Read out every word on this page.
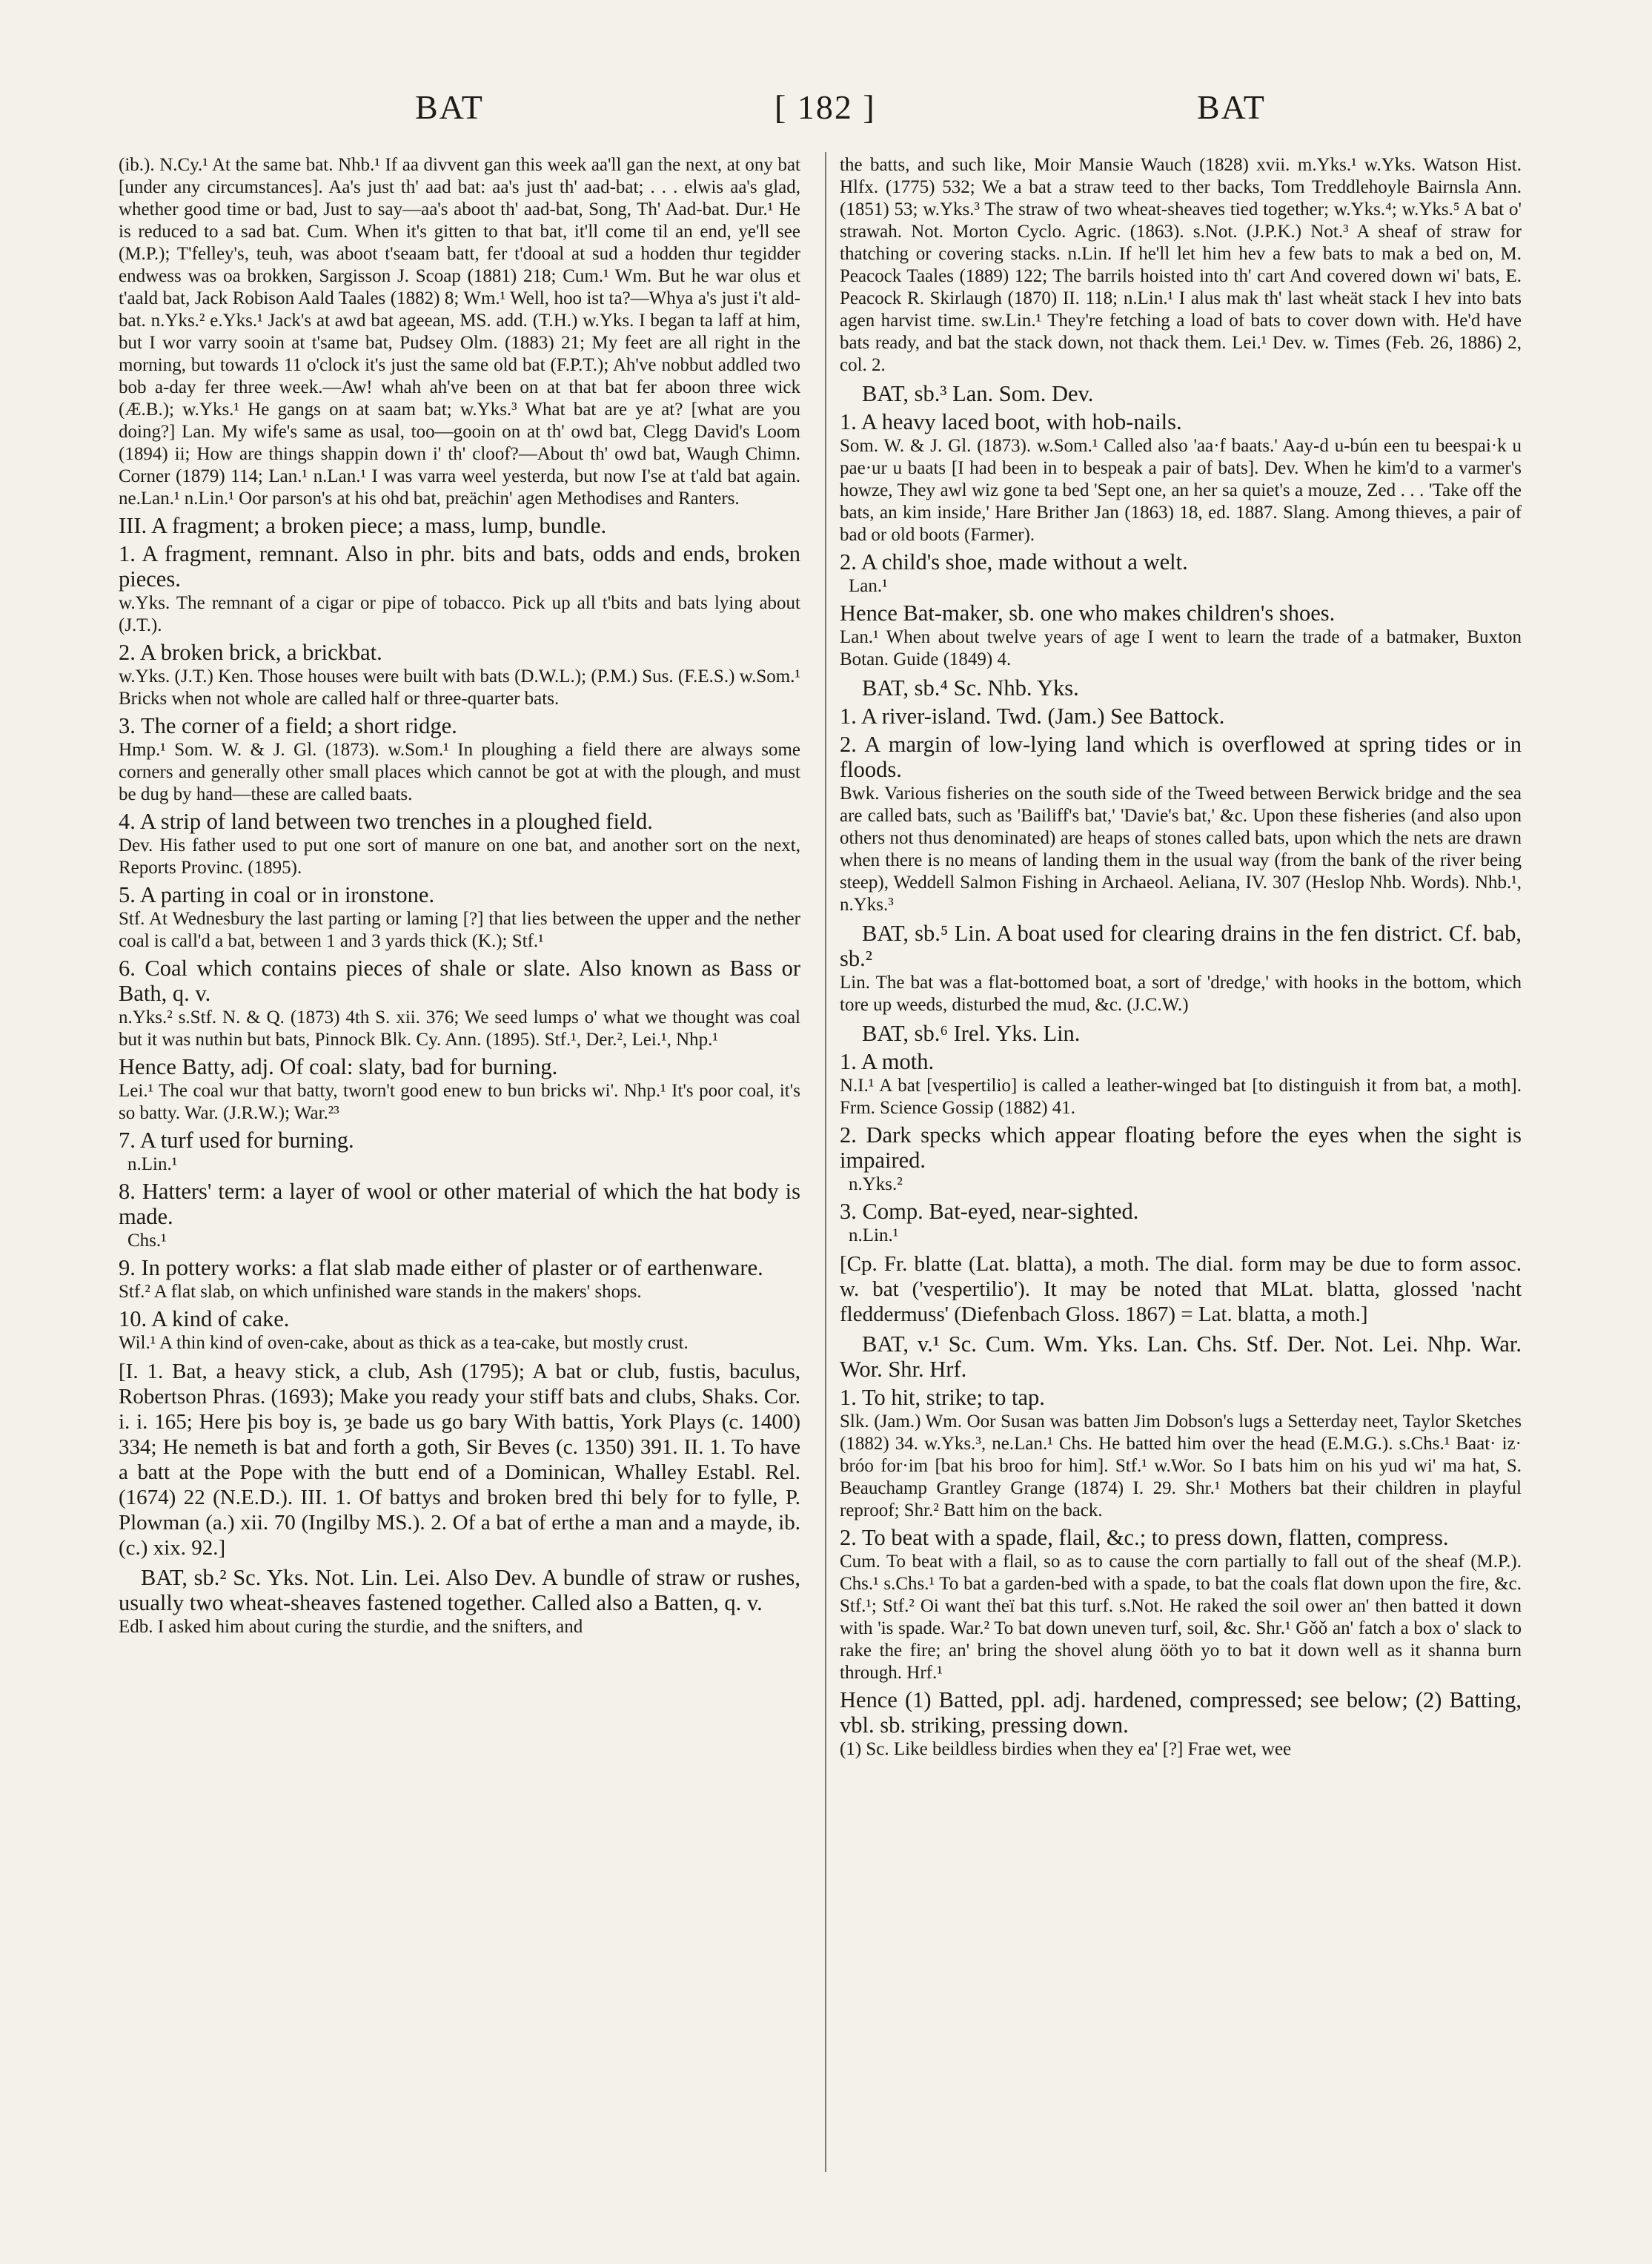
BAT	[ 182 ]	BAT

(ib.). N.Cy.¹ At the same bat. Nhb.¹ If aa divvent gan this week aa'll gan the next, at ony bat [under any circumstances]. Aa's just th' aad bat: aa's just th' aad-bat; . . . elwis aa's glad, whether good time or bad, Just to say—aa's aboot th' aad-bat, Song, Th' Aad-bat. Dur.¹ He is reduced to a sad bat. Cum. When it's gitten to that bat, it'll come til an end, ye'll see (M.P.); T'felley's, teuh, was aboot t'seaam batt, fer t'dooal at sud a hodden thur tegidder endwess was oa brokken, Sargisson J. Scoap (1881) 218; Cum.¹ Wm. But he war olus et t'aald bat, Jack Robison Aald Taales (1882) 8; Wm.¹ Well, hoo ist ta?—Whya a's just i't ald-bat. n.Yks.² e.Yks.¹ Jack's at awd bat ageean, MS. add. (T.H.) w.Yks. I began ta laff at him, but I wor varry sooin at t'same bat, Pudsey Olm. (1883) 21; My feet are all right in the morning, but towards 11 o'clock it's just the same old bat (F.P.T.); Ah've nobbut addled two bob a-day fer three week.—Aw! whah ah've been on at that bat fer aboon three wick (Æ.B.); w.Yks.¹ He gangs on at saam bat; w.Yks.³ What bat are ye at? [what are you doing?] Lan. My wife's same as usal, too—gooin on at th' owd bat, Clegg David's Loom (1894) ii; How are things shappin down i' th' cloof?—About th' owd bat, Waugh Chimn. Corner (1879) 114; Lan.¹ n.Lan.¹ I was varra weel yesterda, but now I'se at t'ald bat again. ne.Lan.¹ n.Lin.¹ Oor parson's at his ohd bat, preächin' agen Methodises and Ranters.

III. A fragment; a broken piece; a mass, lump, bundle.

1. A fragment, remnant. Also in phr. bits and bats, odds and ends, broken pieces.

w.Yks. The remnant of a cigar or pipe of tobacco. Pick up all t'bits and bats lying about (J.T.).

2. A broken brick, a brickbat.

w.Yks. (J.T.) Ken. Those houses were built with bats (D.W.L.); (P.M.) Sus. (F.E.S.) w.Som.¹ Bricks when not whole are called half or three-quarter bats.

3. The corner of a field; a short ridge.

Hmp.¹ Som. W. & J. Gl. (1873). w.Som.¹ In ploughing a field there are always some corners and generally other small places which cannot be got at with the plough, and must be dug by hand—these are called baats.

4. A strip of land between two trenches in a ploughed field.

Dev. His father used to put one sort of manure on one bat, and another sort on the next, Reports Provinc. (1895).

5. A parting in coal or in ironstone.

Stf. At Wednesbury the last parting or laming [?] that lies between the upper and the nether coal is call'd a bat, between 1 and 3 yards thick (K.); Stf.¹

6. Coal which contains pieces of shale or slate. Also known as Bass or Bath, q. v.

n.Yks.² s.Stf. N. & Q. (1873) 4th S. xii. 376; We seed lumps o' what we thought was coal but it was nuthin but bats, Pinnock Blk. Cy. Ann. (1895). Stf.¹, Der.², Lei.¹, Nhp.¹

Hence Batty, adj. Of coal: slaty, bad for burning.

Lei.¹ The coal wur that batty, tworn't good enew to bun bricks wi'. Nhp.¹ It's poor coal, it's so batty. War. (J.R.W.); War.²³

7. A turf used for burning.

n.Lin.¹

8. Hatters' term: a layer of wool or other material of which the hat body is made.

Chs.¹

9. In pottery works: a flat slab made either of plaster or of earthenware.

Stf.² A flat slab, on which unfinished ware stands in the makers' shops.

10. A kind of cake.

Wil.¹ A thin kind of oven-cake, about as thick as a tea-cake, but mostly crust.

[I. 1. Bat, a heavy stick, a club, Ash (1795); A bat or club, fustis, baculus, Robertson Phras. (1693); Make you ready your stiff bats and clubs, Shaks. Cor. i. i. 165; Here þis boy is, ȝe bade us go bary With battis, York Plays (c. 1400) 334; He nemeth is bat and forth a goth, Sir Beves (c. 1350) 391. II. 1. To have a batt at the Pope with the butt end of a Dominican, Whalley Establ. Rel. (1674) 22 (N.E.D.). III. 1. Of battys and broken bred thi bely for to fylle, P. Plowman (a.) xii. 70 (Ingilby MS.). 2. Of a bat of erthe a man and a mayde, ib. (c.) xix. 92.]

BAT, sb.² Sc. Yks. Not. Lin. Lei. Also Dev. A bundle of straw or rushes, usually two wheat-sheaves fastened together. Called also a Batten, q. v.

Edb. I asked him about curing the sturdie, and the snifters, and

the batts, and such like, Moir Mansie Wauch (1828) xvii. m.Yks.¹ w.Yks. Watson Hist. Hlfx. (1775) 532; We a bat a straw teed to ther backs, Tom Treddlehoyle Bairnsla Ann. (1851) 53; w.Yks.³ The straw of two wheat-sheaves tied together; w.Yks.⁴; w.Yks.⁵ A bat o' strawah. Not. Morton Cyclo. Agric. (1863). s.Not. (J.P.K.) Not.³ A sheaf of straw for thatching or covering stacks. n.Lin. If he'll let him hev a few bats to mak a bed on, M. Peacock Taales (1889) 122; The barrils hoisted into th' cart And covered down wi' bats, E. Peacock R. Skirlaugh (1870) II. 118; n.Lin.¹ I alus mak th' last wheät stack I hev into bats agen harvist time. sw.Lin.¹ They're fetching a load of bats to cover down with. He'd have bats ready, and bat the stack down, not thack them. Lei.¹ Dev. w. Times (Feb. 26, 1886) 2, col. 2.

BAT, sb.³ Lan. Som. Dev.

1. A heavy laced boot, with hob-nails.

Som. W. & J. Gl. (1873). w.Som.¹ Called also 'aa·f baats.' Aay-d u-bún een tu beespai·k u pae·ur u baats [I had been in to bespeak a pair of bats]. Dev. When he kim'd to a varmer's howze, They awl wiz gone ta bed 'Sept one, an her sa quiet's a mouze, Zed . . . 'Take off the bats, an kim inside,' Hare Brither Jan (1863) 18, ed. 1887. Slang. Among thieves, a pair of bad or old boots (Farmer).

2. A child's shoe, made without a welt.

Lan.¹

Hence Bat-maker, sb. one who makes children's shoes.

Lan.¹ When about twelve years of age I went to learn the trade of a batmaker, Buxton Botan. Guide (1849) 4.

BAT, sb.⁴ Sc. Nhb. Yks.

1. A river-island. Twd. (Jam.) See Battock.

2. A margin of low-lying land which is overflowed at spring tides or in floods.

Bwk. Various fisheries on the south side of the Tweed between Berwick bridge and the sea are called bats, such as 'Bailiff's bat,' 'Davie's bat,' &c. Upon these fisheries (and also upon others not thus denominated) are heaps of stones called bats, upon which the nets are drawn when there is no means of landing them in the usual way (from the bank of the river being steep), Weddell Salmon Fishing in Archaeol. Aeliana, IV. 307 (Heslop Nhb. Words). Nhb.¹, n.Yks.³

BAT, sb.⁵ Lin. A boat used for clearing drains in the fen district. Cf. bab, sb.²

Lin. The bat was a flat-bottomed boat, a sort of 'dredge,' with hooks in the bottom, which tore up weeds, disturbed the mud, &c. (J.C.W.)

BAT, sb.⁶ Irel. Yks. Lin.

1. A moth.

N.I.¹ A bat [vespertilio] is called a leather-winged bat [to distinguish it from bat, a moth]. Frm. Science Gossip (1882) 41.

2. Dark specks which appear floating before the eyes when the sight is impaired.

n.Yks.²

3. Comp. Bat-eyed, near-sighted.

n.Lin.¹

[Cp. Fr. blatte (Lat. blatta), a moth. The dial. form may be due to form assoc. w. bat ('vespertilio'). It may be noted that MLat. blatta, glossed 'nacht fleddermuss' (Diefenbach Gloss. 1867) = Lat. blatta, a moth.]

BAT, v.¹ Sc. Cum. Wm. Yks. Lan. Chs. Stf. Der. Not. Lei. Nhp. War. Wor. Shr. Hrf.

1. To hit, strike; to tap.

Slk. (Jam.) Wm. Oor Susan was batten Jim Dobson's lugs a Setterday neet, Taylor Sketches (1882) 34. w.Yks.³, ne.Lan.¹ Chs. He batted him over the head (E.M.G.). s.Chs.¹ Baat· iz· bróo for·im [bat his broo for him]. Stf.¹ w.Wor. So I bats him on his yud wi' ma hat, S. Beauchamp Grantley Grange (1874) I. 29. Shr.¹ Mothers bat their children in playful reproof; Shr.² Batt him on the back.

2. To beat with a spade, flail, &c.; to press down, flatten, compress.

Cum. To beat with a flail, so as to cause the corn partially to fall out of the sheaf (M.P.). Chs.¹ s.Chs.¹ To bat a garden-bed with a spade, to bat the coals flat down upon the fire, &c. Stf.¹; Stf.² Oi want theï bat this turf. s.Not. He raked the soil ower an' then batted it down with 'is spade. War.² To bat down uneven turf, soil, &c. Shr.¹ Gǒǒ an' fatch a box o' slack to rake the fire; an' bring the shovel alung ööth yo to bat it down well as it shanna burn through. Hrf.¹

Hence (1) Batted, ppl. adj. hardened, compressed; see below; (2) Batting, vbl. sb. striking, pressing down.

(1) Sc. Like beildless birdies when they ea' [?] Frae wet, wee
